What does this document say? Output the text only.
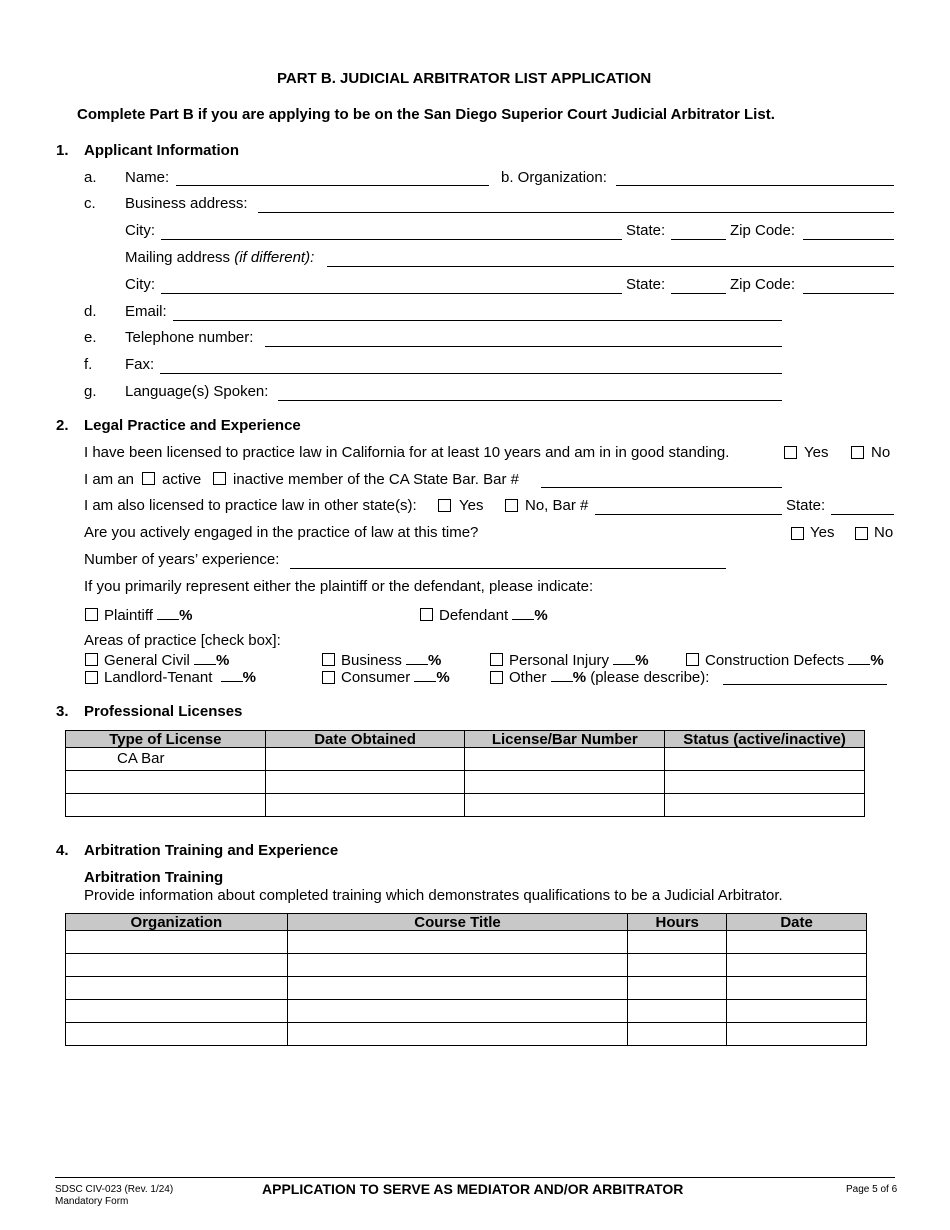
PART B. JUDICIAL ARBITRATOR LIST APPLICATION
Complete Part B if you are applying to be on the San Diego Superior Court Judicial Arbitrator List.
1. Applicant Information
a. Name:	b. Organization:
c. Business address:
City:	State:	Zip Code:
Mailing address (if different):
City:	State:	Zip Code:
d. Email:
e. Telephone number:
f. Fax:
g. Language(s) Spoken:
2. Legal Practice and Experience
I have been licensed to practice law in California for at least 10 years and am in in good standing.	Yes	No
I am an active inactive member of the CA State Bar. Bar #
I am also licensed to practice law in other state(s):	Yes	No, Bar #	State:
Are you actively engaged in the practice of law at this time?	Yes	No
Number of years’ experience:
If you primarily represent either the plaintiff or the defendant, please indicate:
Plaintiff %	Defendant %
Areas of practice [check box]:
General Civil %	Business %	Personal Injury %	Construction Defects %
Landlord-Tenant %	Consumer %	Other % (please describe):
3. Professional Licenses
Type of License	Date Obtained	License/Bar Number	Status (active/inactive)
CA Bar			

4. Arbitration Training and Experience
Arbitration Training
Provide information about completed training which demonstrates qualifications to be a Judicial Arbitrator.
Organization	Course Title	Hours	Date

SDSC CIV-023 (Rev. 1/24)
Mandatory Form
APPLICATION TO SERVE AS MEDIATOR AND/OR ARBITRATOR	Page 5 of 6
